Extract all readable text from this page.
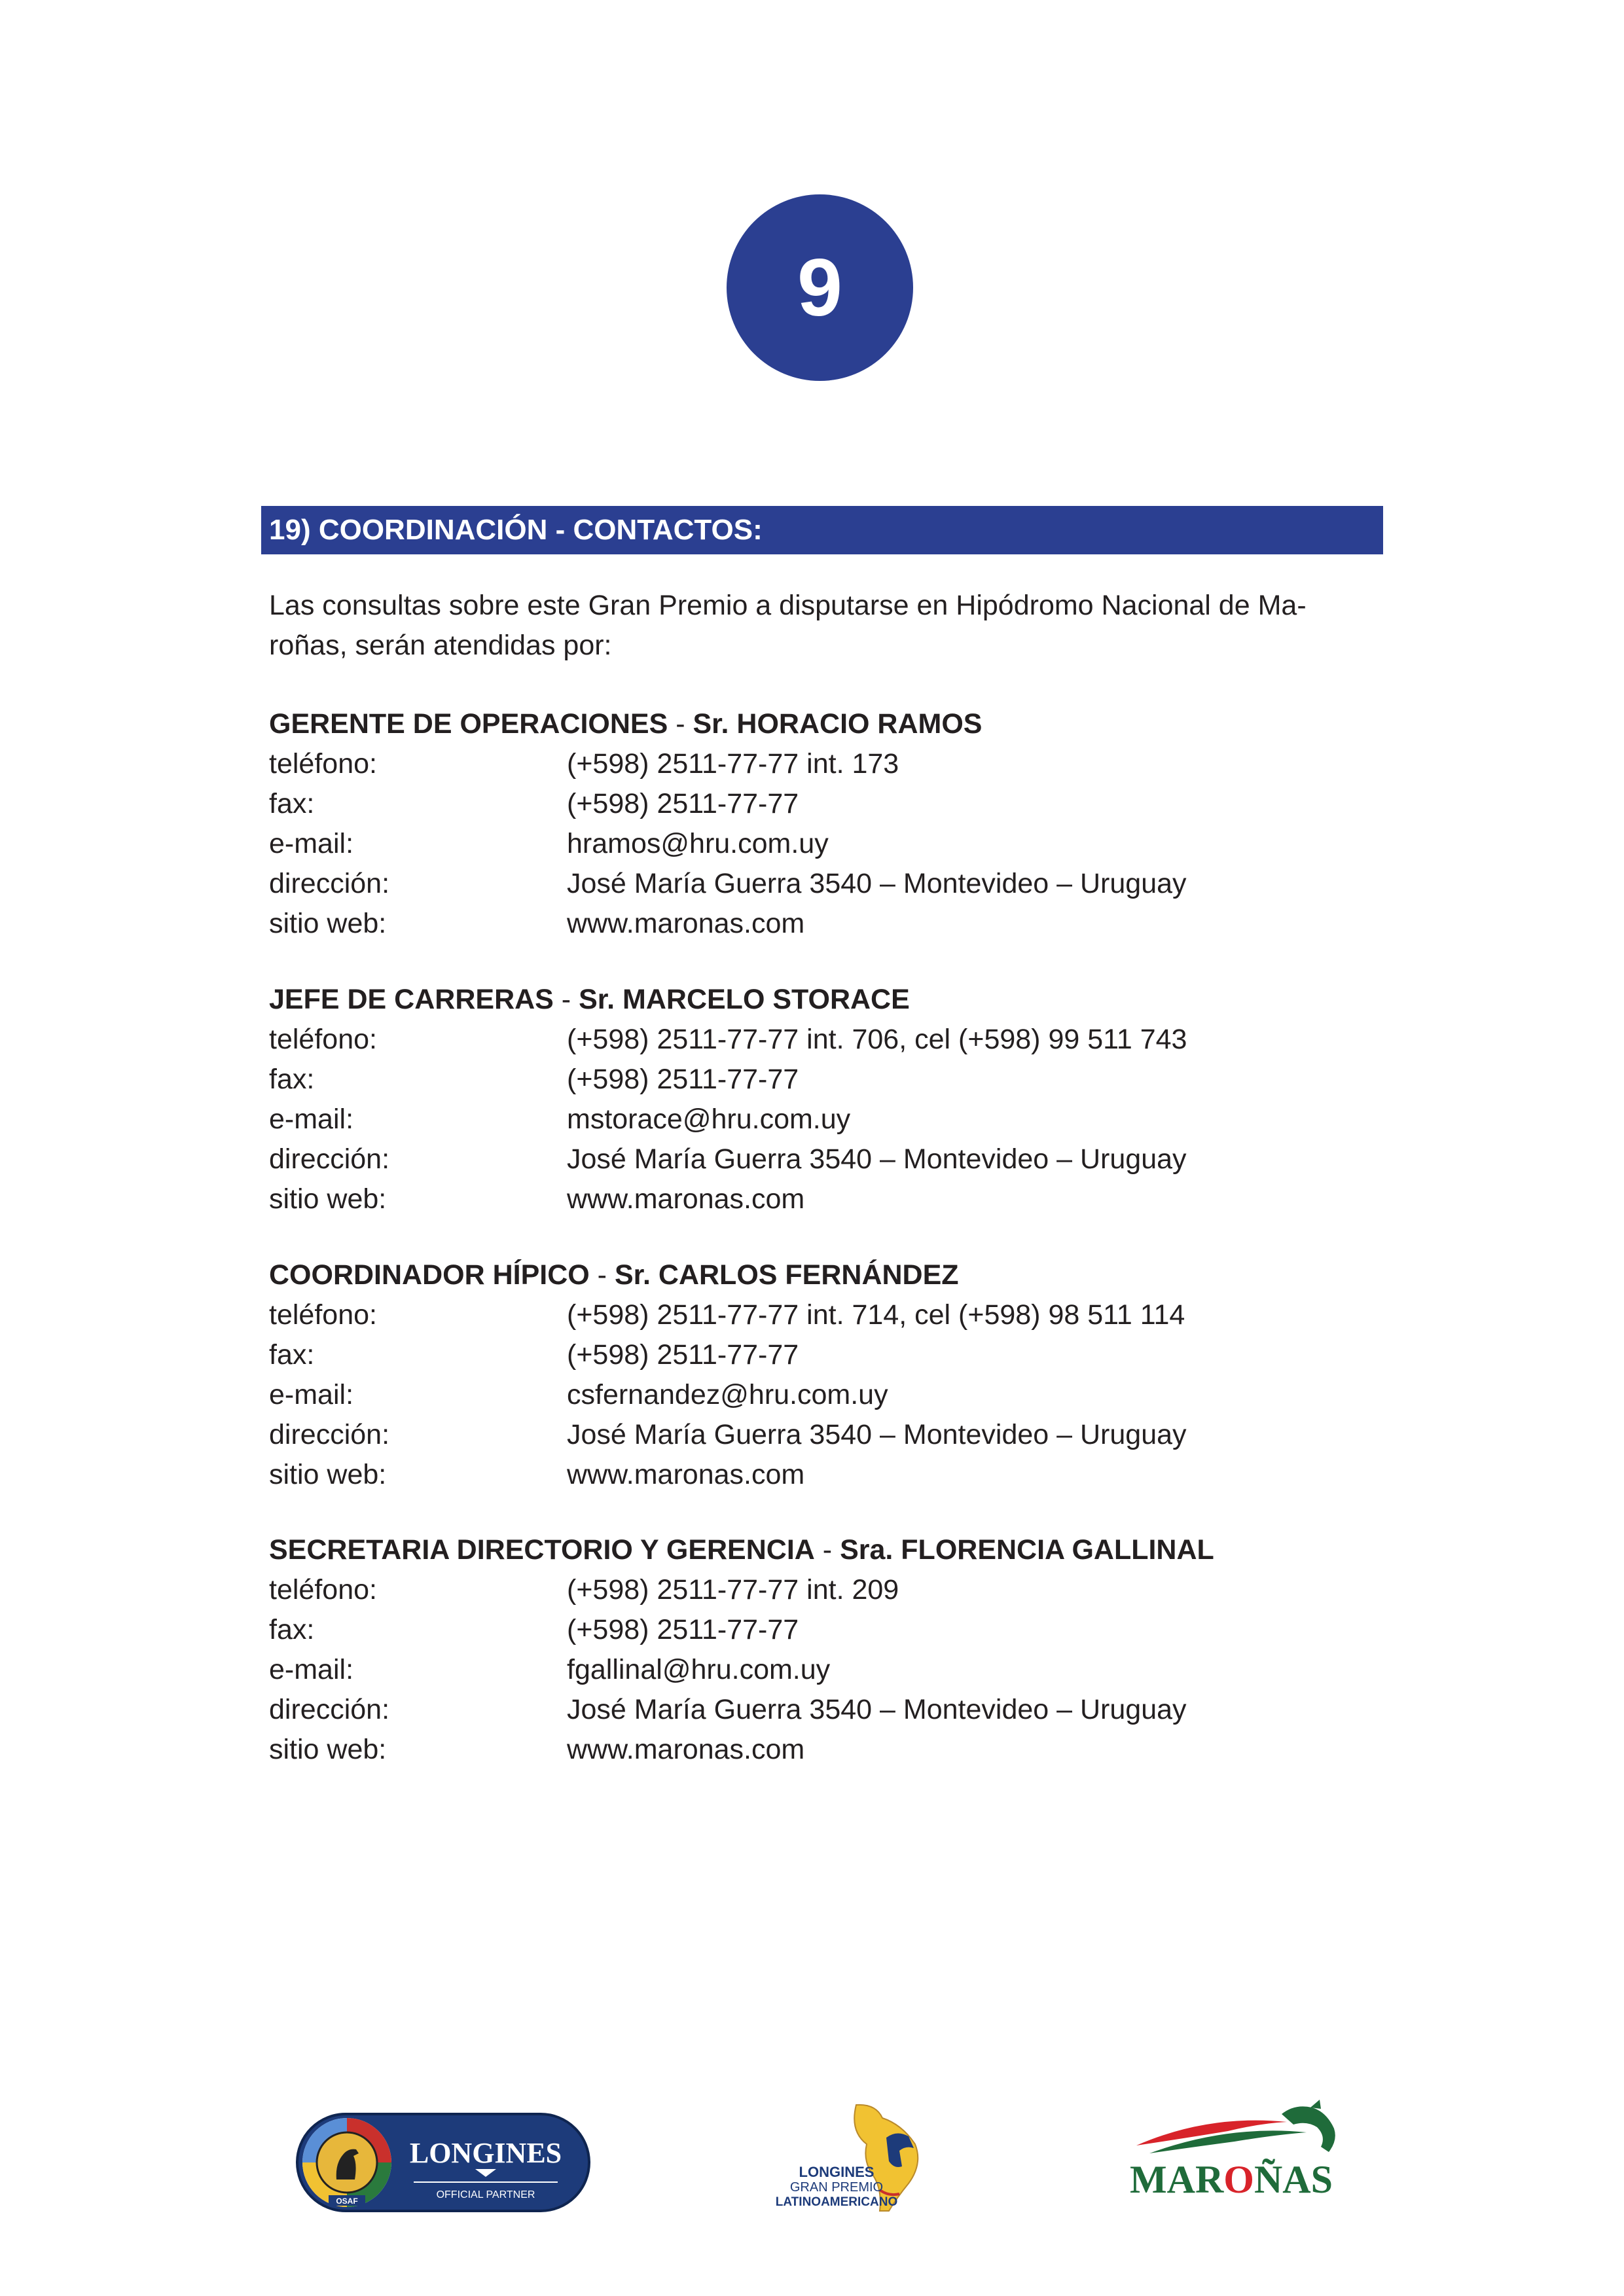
9
19) COORDINACIÓN - CONTACTOS:
Las consultas sobre este Gran Premio a disputarse en Hipódromo Nacional de Ma-
roñas, serán atendidas por:
GERENTE DE OPERACIONES - Sr. HORACIO RAMOS
teléfono:	(+598) 2511-77-77 int. 173
fax:	(+598) 2511-77-77
e-mail:	hramos@hru.com.uy
dirección:	José María Guerra 3540 – Montevideo – Uruguay
sitio web:	www.maronas.com
JEFE DE CARRERAS - Sr. MARCELO STORACE
teléfono:	(+598) 2511-77-77 int. 706, cel (+598) 99 511 743
fax:	(+598) 2511-77-77
e-mail:	mstorace@hru.com.uy
dirección:	José María Guerra 3540 – Montevideo – Uruguay
sitio web:	www.maronas.com
COORDINADOR HÍPICO - Sr. CARLOS FERNÁNDEZ
teléfono:	(+598) 2511-77-77 int. 714, cel (+598) 98 511 114
fax:	(+598) 2511-77-77
e-mail:	csfernandez@hru.com.uy
dirección:	José María Guerra 3540 – Montevideo – Uruguay
sitio web:	www.maronas.com
SECRETARIA DIRECTORIO Y GERENCIA - Sra. FLORENCIA GALLINAL
teléfono:	(+598) 2511-77-77 int. 209
fax:	(+598) 2511-77-77
e-mail:	fgallinal@hru.com.uy
dirección:	José María Guerra 3540 – Montevideo – Uruguay
sitio web:	www.maronas.com
OSAF
LONGINES
OFFICIAL PARTNER
LONGINES
GRAN PREMIO
LATINOAMERICANO
MAROÑAS
